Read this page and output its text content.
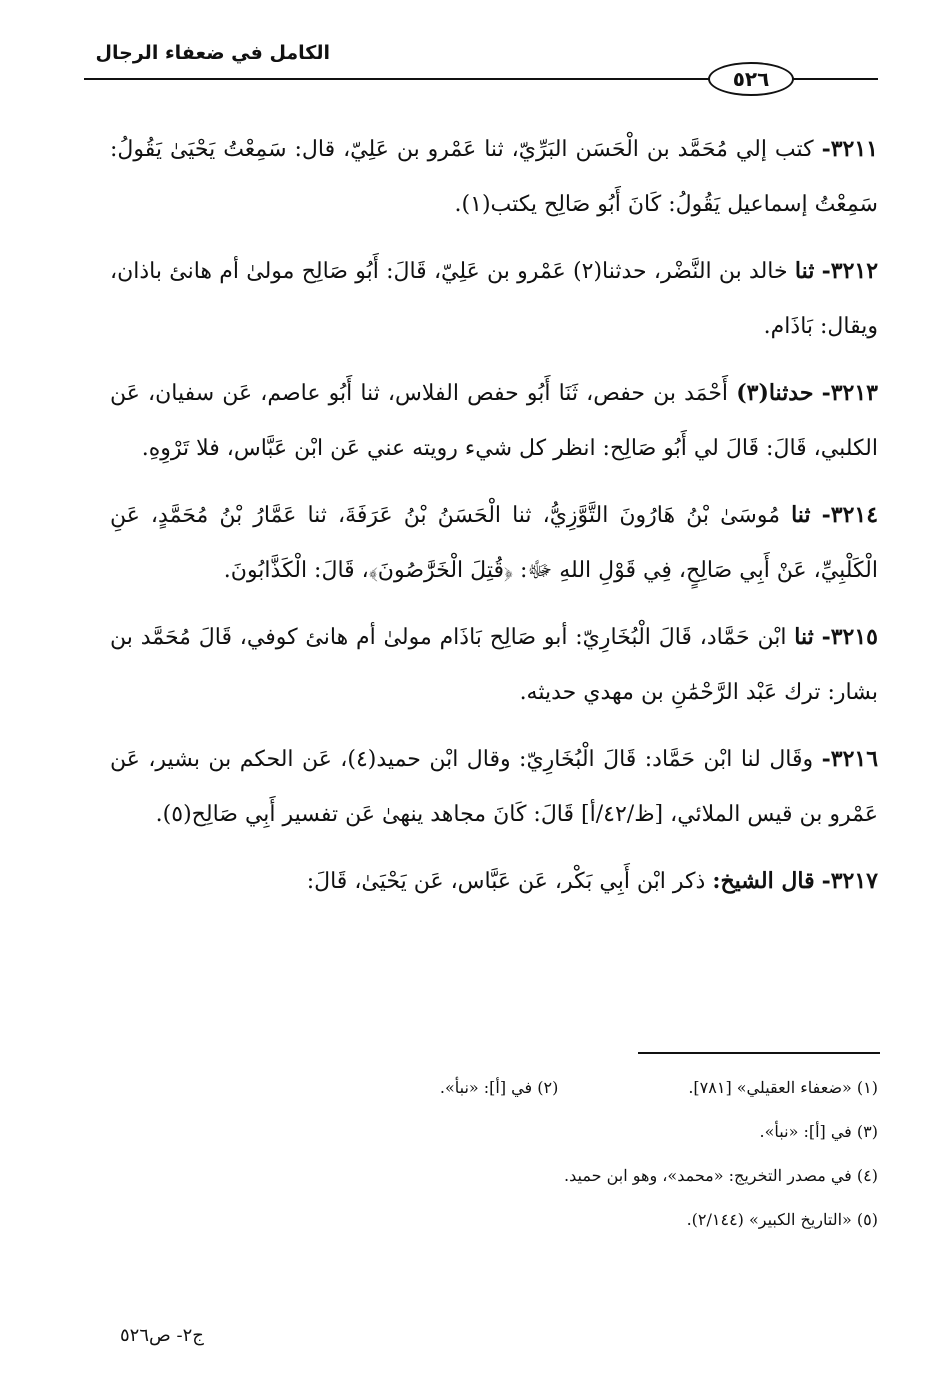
الكامل في ضعفاء الرجال
٥٢٦

٣٢١١- كتب إلي مُحَمَّد بن الْحَسَن البَرِّيّ، ثنا عَمْرو بن عَلِيّ، قال: سَمِعْتُ يَحْيَىٰ يَقُولُ: سَمِعْتُ إسماعيل يَقُولُ: كَانَ أَبُو صَالِح يكتب(١).

٣٢١٢- ثنا خالد بن النَّضْر، حدثنا(٢) عَمْرو بن عَلِيّ، قَالَ: أَبُو صَالِح مولىٰ أم هانئ باذان، ويقال: بَاذَام.

٣٢١٣- حدثنا(٣) أَحْمَد بن حفص، ثَنَا أَبُو حفص الفلاس، ثنا أَبُو عاصم، عَن سفيان، عَن الكلبي، قَالَ: قَالَ لي أَبُو صَالِح: انظر كل شيء رويته عني عَن ابْن عَبَّاس، فلا تَرْوِهِ.

٣٢١٤- ثنا مُوسَىٰ بْنُ هَارُونَ التَّوَّزِيُّ، ثنا الْحَسَنُ بْنُ عَرَفَةَ، ثنا عَمَّارُ بْنُ مُحَمَّدٍ، عَنِ الْكَلْبِيِّ، عَنْ أَبِي صَالِحٍ، فِي قَوْلِ اللهِ ﷻ: ﴿قُتِلَ الْخَرَّٰصُونَ﴾، قَالَ: الْكَذَّابُونَ.

٣٢١٥- ثنا ابْن حَمَّاد، قَالَ الْبُخَارِيّ: أبو صَالِح بَاذَام مولىٰ أم هانئ كوفي، قَالَ مُحَمَّد بن بشار: ترك عَبْد الرَّحْمَٰنِ بن مهدي حديثه.

٣٢١٦- وقَال لنا ابْن حَمَّاد: قَالَ الْبُخَارِيّ: وقال ابْن حميد(٤)، عَن الحكم بن بشير، عَن عَمْرو بن قيس الملائي، [ظ/٤٢/أ] قَالَ: كَانَ مجاهد ينهىٰ عَن تفسير أَبِي صَالِح(٥).

٣٢١٧- قال الشيخ: ذكر ابْن أَبِي بَكْر، عَن عَبَّاس، عَن يَحْيَىٰ، قَالَ:

(١) «ضعفاء العقيلي» [٧٨١].
(٢) في [أ]: «نبأ».
(٣) في [أ]: «نبأ».
(٤) في مصدر التخريج: «محمد»، وهو ابن حميد.
(٥) «التاريخ الكبير» (٢/١٤٤).
ج٢- ص٥٢٦
